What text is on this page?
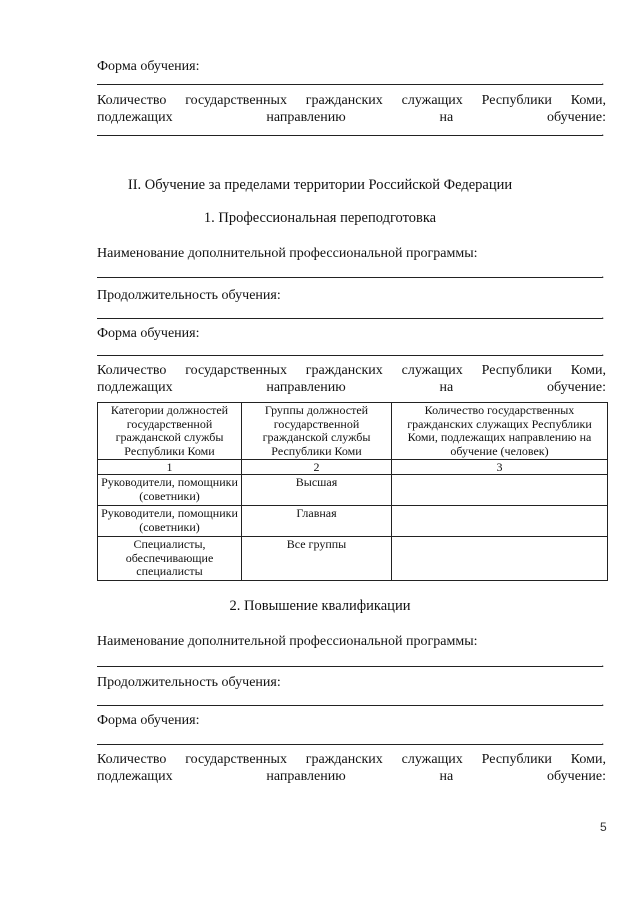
Форма обучения:
.
Количество государственных гражданских служащих Республики Коми, подлежащих направлению на обучение:
.
II. Обучение за пределами территории Российской Федерации
1. Профессиональная переподготовка
Наименование дополнительной профессиональной программы:
.
Продолжительность обучения:
.
Форма обучения:
.
Количество государственных гражданских служащих Республики Коми, подлежащих направлению на обучение:
Категории должностей государственной гражданской службы Республики Коми	Группы должностей государственной гражданской службы Республики Коми	Количество государственных гражданских служащих Республики Коми, подлежащих направлению на обучение (человек)
1	2	3
Руководители, помощники (советники)	Высшая	
Руководители, помощники (советники)	Главная	
Специалисты, обеспечивающие специалисты	Все группы	
2. Повышение квалификации
Наименование дополнительной профессиональной программы:
.
Продолжительность обучения:
.
Форма обучения:
.
Количество государственных гражданских служащих Республики Коми, подлежащих направлению на обучение:
5
